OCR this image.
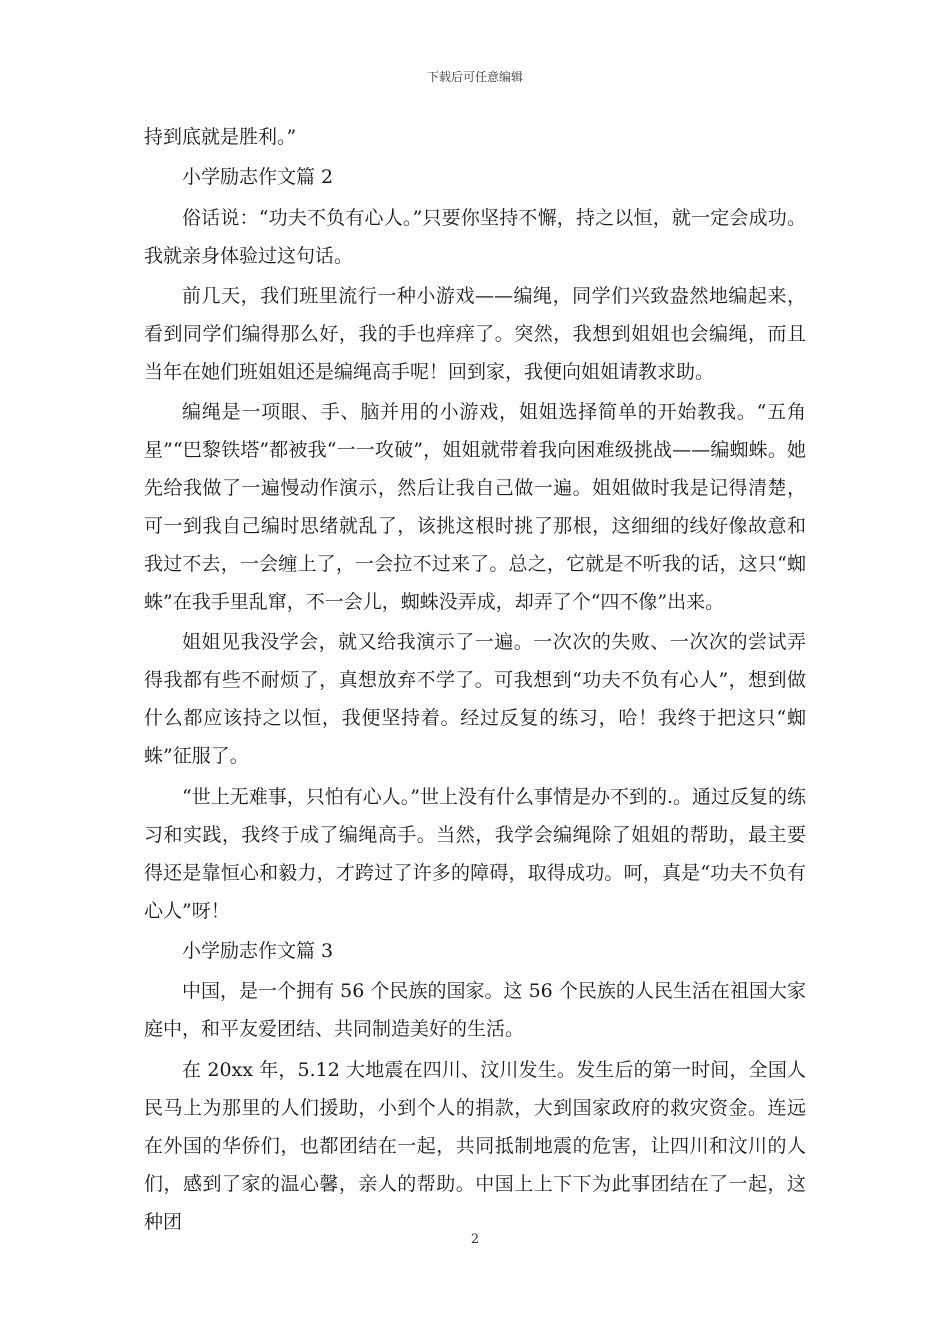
下载后可任意编辑

持到底就是胜利。”

小学励志作文篇 2

俗话说：“功夫不负有心人。”只要你坚持不懈，持之以恒，就一定会成功。我就亲身体验过这句话。

前几天，我们班里流行一种小游戏——编绳，同学们兴致盎然地编起来，看到同学们编得那么好，我的手也痒痒了。突然，我想到姐姐也会编绳，而且当年在她们班姐姐还是编绳高手呢！回到家，我便向姐姐请教求助。

编绳是一项眼、手、脑并用的小游戏，姐姐选择简单的开始教我。“五角星”“巴黎铁塔”都被我“一一攻破”，姐姐就带着我向困难级挑战——编蜘蛛。她先给我做了一遍慢动作演示，然后让我自己做一遍。姐姐做时我是记得清楚，可一到我自己编时思绪就乱了，该挑这根时挑了那根，这细细的线好像故意和我过不去，一会缠上了，一会拉不过来了。总之，它就是不听我的话，这只“蜘蛛”在我手里乱窜，不一会儿，蜘蛛没弄成，却弄了个“四不像”出来。

姐姐见我没学会，就又给我演示了一遍。一次次的失败、一次次的尝试弄得我都有些不耐烦了，真想放弃不学了。可我想到“功夫不负有心人”，想到做什么都应该持之以恒，我便坚持着。经过反复的练习，哈！我终于把这只“蜘蛛”征服了。

“世上无难事，只怕有心人。”世上没有什么事情是办不到的.。通过反复的练习和实践，我终于成了编绳高手。当然，我学会编绳除了姐姐的帮助，最主要得还是靠恒心和毅力，才跨过了许多的障碍，取得成功。呵，真是“功夫不负有心人”呀！

小学励志作文篇 3

中国，是一个拥有 56 个民族的国家。这 56 个民族的人民生活在祖国大家庭中，和平友爱团结、共同制造美好的生活。

在 20xx 年，5.12 大地震在四川、汶川发生。发生后的第一时间，全国人民马上为那里的人们援助，小到个人的捐款，大到国家政府的救灾资金。连远在外国的华侨们，也都团结在一起，共同抵制地震的危害，让四川和汶川的人们，感到了家的温心馨，亲人的帮助。中国上上下下为此事团结在了一起，这种团

2
